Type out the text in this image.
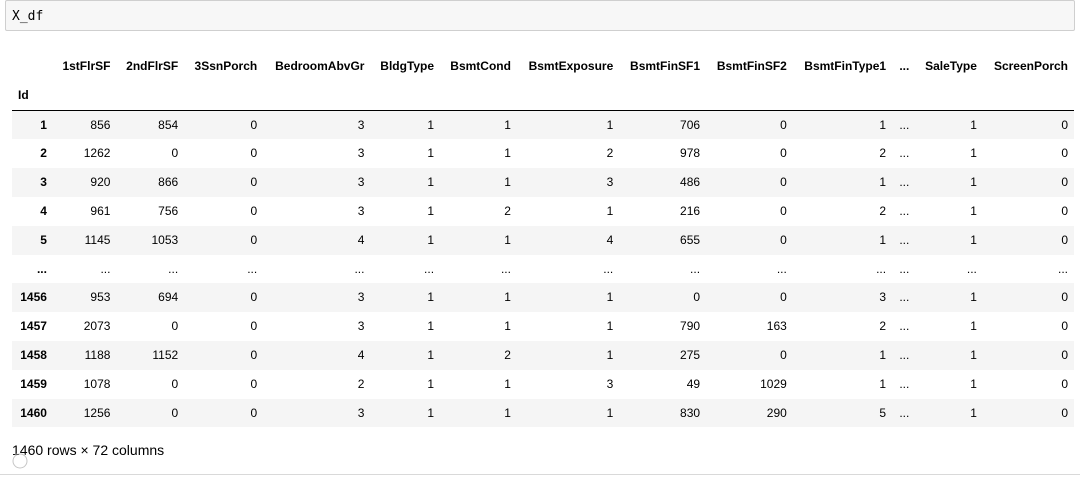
X_df
	1stFlrSF	2ndFlrSF	3SsnPorch	BedroomAbvGr	BldgType	BsmtCond	BsmtExposure	BsmtFinSF1	BsmtFinSF2	BsmtFinType1	...	SaleType	ScreenPorch
Id													
1	856	854	0	3	1	1	1	706	0	1	...	1	0
2	1262	0	0	3	1	1	2	978	0	2	...	1	0
3	920	866	0	3	1	1	3	486	0	1	...	1	0
4	961	756	0	3	1	2	1	216	0	2	...	1	0
5	1145	1053	0	4	1	1	4	655	0	1	...	1	0
...	...	...	...	...	...	...	...	...	...	...	...	...	...
1456	953	694	0	3	1	1	1	0	0	3	...	1	0
1457	2073	0	0	3	1	1	1	790	163	2	...	1	0
1458	1188	1152	0	4	1	2	1	275	0	1	...	1	0
1459	1078	0	0	2	1	1	3	49	1029	1	...	1	0
1460	1256	0	0	3	1	1	1	830	290	5	...	1	0
1460 rows × 72 columns
